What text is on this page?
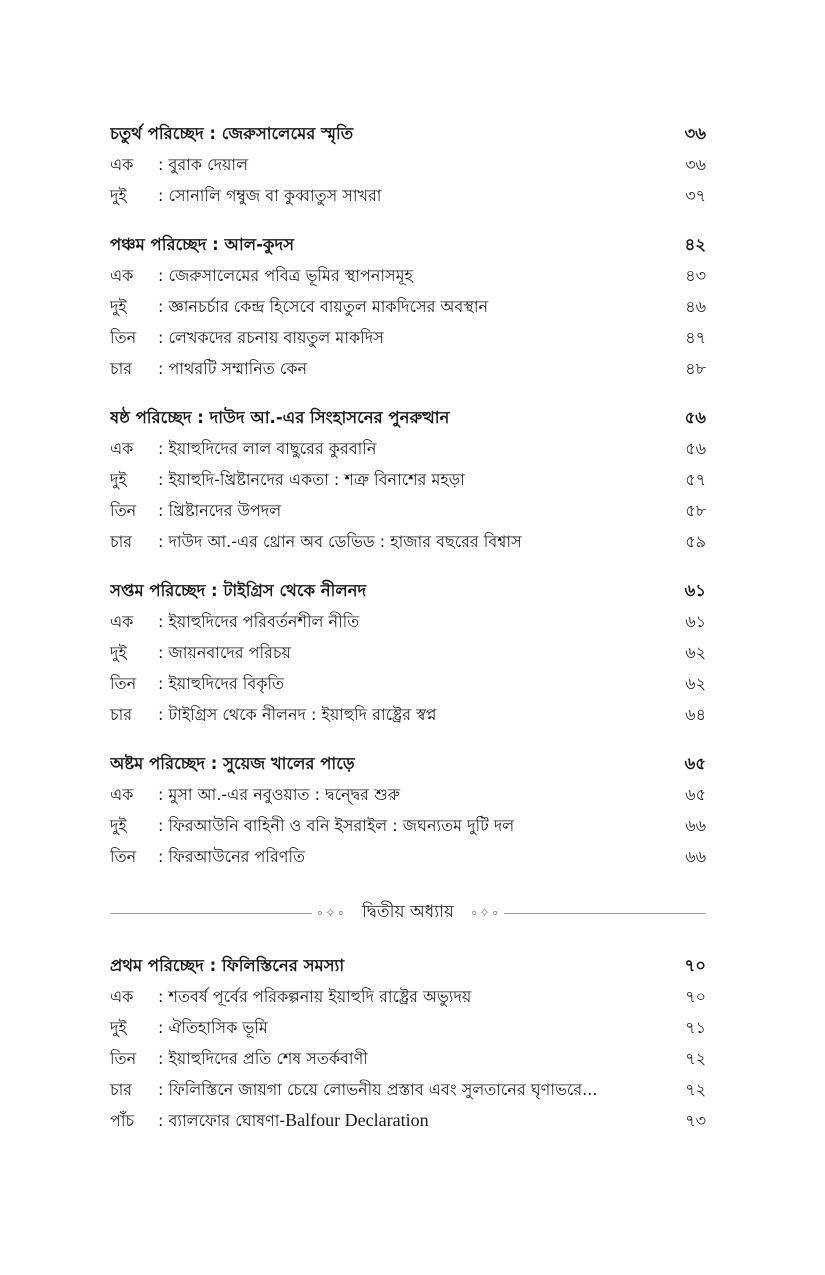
চতুর্থ পরিচ্ছেদ : জেরুসালেমের স্মৃতি	৩৬
এক	: বুরাক দেয়াল	৩৬
দুই	: সোনালি গম্বুজ বা কুব্বাতুস সাখরা	৩৭
পঞ্চম পরিচ্ছেদ : আল-কুদস	৪২
এক	: জেরুসালেমের পবিত্র ভূমির স্থাপনাসমূহ	৪৩
দুই	: জ্ঞানচর্চার কেন্দ্র হিসেবে বায়তুল মাকদিসের অবস্থান	৪৬
তিন	: লেখকদের রচনায় বায়তুল মাকদিস	৪৭
চার	: পাথরটি সম্মানিত কেন	৪৮
ষষ্ঠ পরিচ্ছেদ : দাউদ আ.-এর সিংহাসনের পুনরুত্থান	৫৬
এক	: ইয়াহুদিদের লাল বাছুরের কুরবানি	৫৬
দুই	: ইয়াহুদি-খ্রিষ্টানদের একতা : শত্রু বিনাশের মহড়া	৫৭
তিন	: খ্রিষ্টানদের উপদল	৫৮
চার	: দাউদ আ.-এর থ্রোন অব ডেভিড : হাজার বছরের বিশ্বাস	৫৯
সপ্তম পরিচ্ছেদ : টাইগ্রিস থেকে নীলনদ	৬১
এক	: ইয়াহুদিদের পরিবর্তনশীল নীতি	৬১
দুই	: জায়নবাদের পরিচয়	৬২
তিন	: ইয়াহুদিদের বিকৃতি	৬২
চার	: টাইগ্রিস থেকে নীলনদ : ইয়াহুদি রাষ্ট্রের স্বপ্ন	৬৪
অষ্টম পরিচ্ছেদ : সুয়েজ খালের পাড়ে	৬৫
এক	: মুসা আ.-এর নবুওয়াত : দ্বন্দ্বের শুরু	৬৫
দুই	: ফিরআউনি বাহিনী ও বনি ইসরাইল : জঘন্যতম দুটি দল	৬৬
তিন	: ফিরআউনের পরিণতি	৬৬
∘✧∘ দ্বিতীয় অধ্যায়	∘✧∘
প্রথম পরিচ্ছেদ : ফিলিস্তিনের সমস্যা	৭০
এক	: শতবর্ষ পূর্বের পরিকল্পনায় ইয়াহুদি রাষ্ট্রের অভ্যুদয়	৭০
দুই	: ঐতিহাসিক ভূমি	৭১
তিন	: ইয়াহুদিদের প্রতি শেষ সতর্কবাণী	৭২
চার	: ফিলিস্তিনে জায়গা চেয়ে লোভনীয় প্রস্তাব এবং সুলতানের ঘৃণাভরে...	৭২
পাঁচ	: ব্যালফোর ঘোষণা-Balfour Declaration	৭৩
